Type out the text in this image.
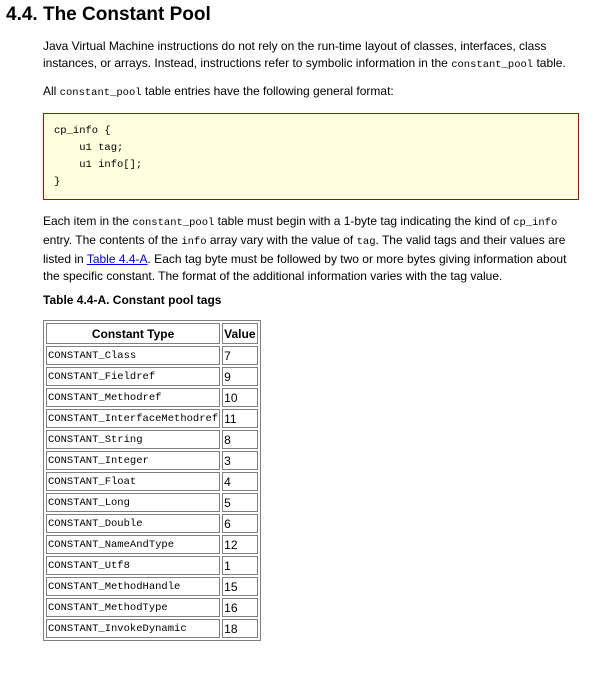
4.4. The Constant Pool

Java Virtual Machine instructions do not rely on the run-time layout of classes, interfaces, class instances, or arrays. Instead, instructions refer to symbolic information in the constant_pool table.

All constant_pool table entries have the following general format:

cp_info {
u1 tag;
u1 info[];
}

Each item in the constant_pool table must begin with a 1-byte tag indicating the kind of cp_info entry. The contents of the info array vary with the value of tag. The valid tags and their values are listed in Table 4.4-A. Each tag byte must be followed by two or more bytes giving information about the specific constant. The format of the additional information varies with the tag value.

Table 4.4-A. Constant pool tags

Constant Type	Value
CONSTANT_Class	7
CONSTANT_Fieldref	9
CONSTANT_Methodref	10
CONSTANT_InterfaceMethodref	11
CONSTANT_String	8
CONSTANT_Integer	3
CONSTANT_Float	4
CONSTANT_Long	5
CONSTANT_Double	6
CONSTANT_NameAndType	12
CONSTANT_Utf8	1
CONSTANT_MethodHandle	15
CONSTANT_MethodType	16
CONSTANT_InvokeDynamic	18
